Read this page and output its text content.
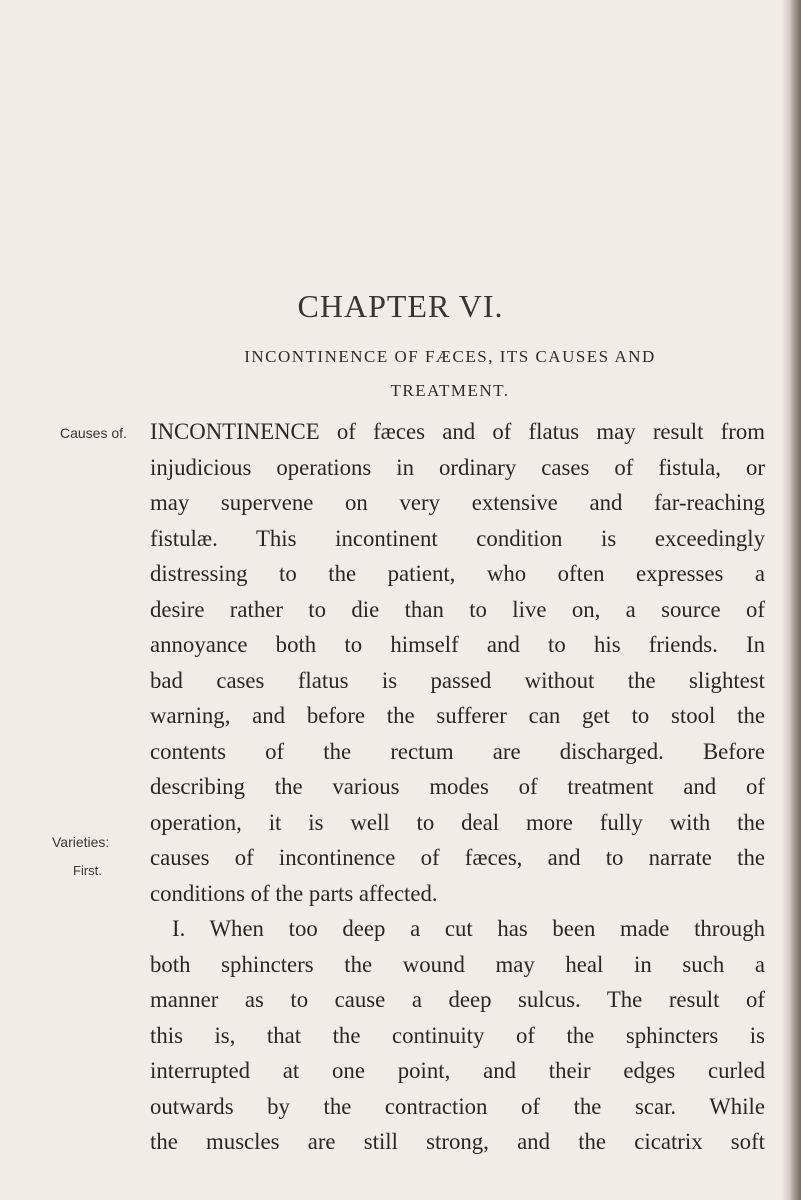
CHAPTER VI.
INCONTINENCE OF FÆCES, ITS CAUSES AND
TREATMENT.
Causes of.
Varieties:
First.
INCONTINENCE of fæces and of flatus may result from
injudicious operations in ordinary cases of fistula, or
may supervene on very extensive and far-reaching
fistulæ. This incontinent condition is exceedingly
distressing to the patient, who often expresses a
desire rather to die than to live on, a source of
annoyance both to himself and to his friends. In
bad cases flatus is passed without the slightest
warning, and before the sufferer can get to stool the
contents of the rectum are discharged. Before
describing the various modes of treatment and of
operation, it is well to deal more fully with the
causes of incontinence of fæces, and to narrate the
conditions of the parts affected.
I. When too deep a cut has been made through
both sphincters the wound may heal in such a
manner as to cause a deep sulcus. The result of
this is, that the continuity of the sphincters is
interrupted at one point, and their edges curled
outwards by the contraction of the scar. While
the muscles are still strong, and the cicatrix soft
